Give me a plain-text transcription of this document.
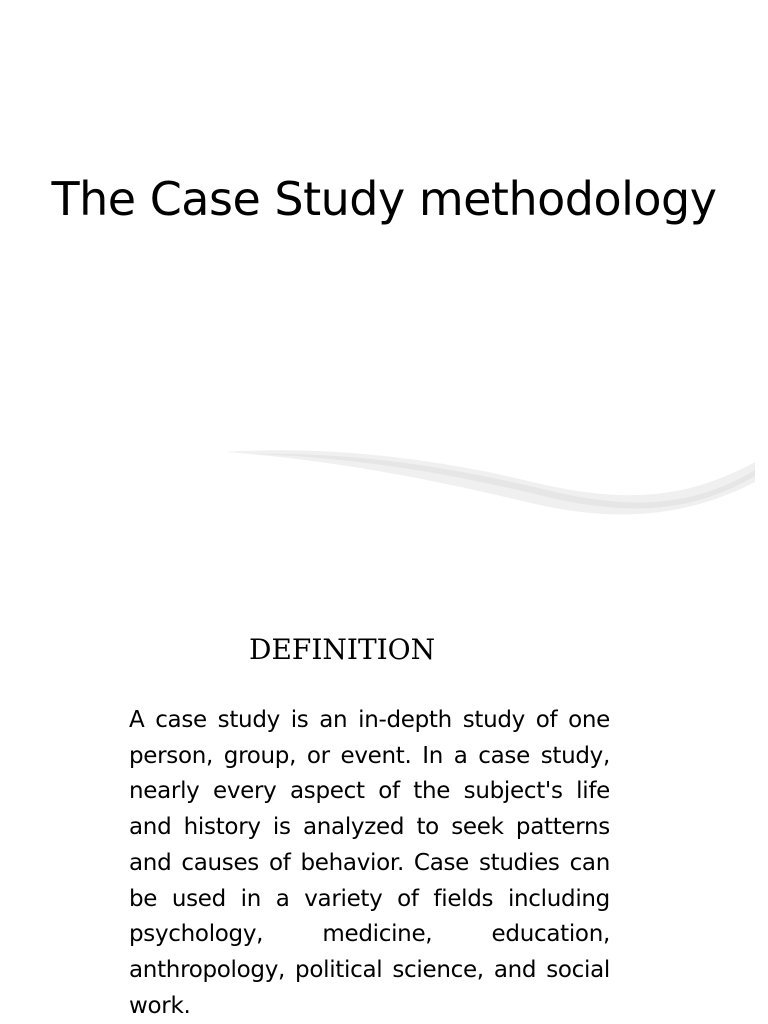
The Case Study methodology
DEFINITION
A case study is an in-depth study of one person, group, or event. In a case study, nearly every aspect of the subject's life and history is analyzed to seek patterns and causes of behavior. Case studies can be used in a variety of fields including psychology, medicine, education, anthropology, political science, and social work.
